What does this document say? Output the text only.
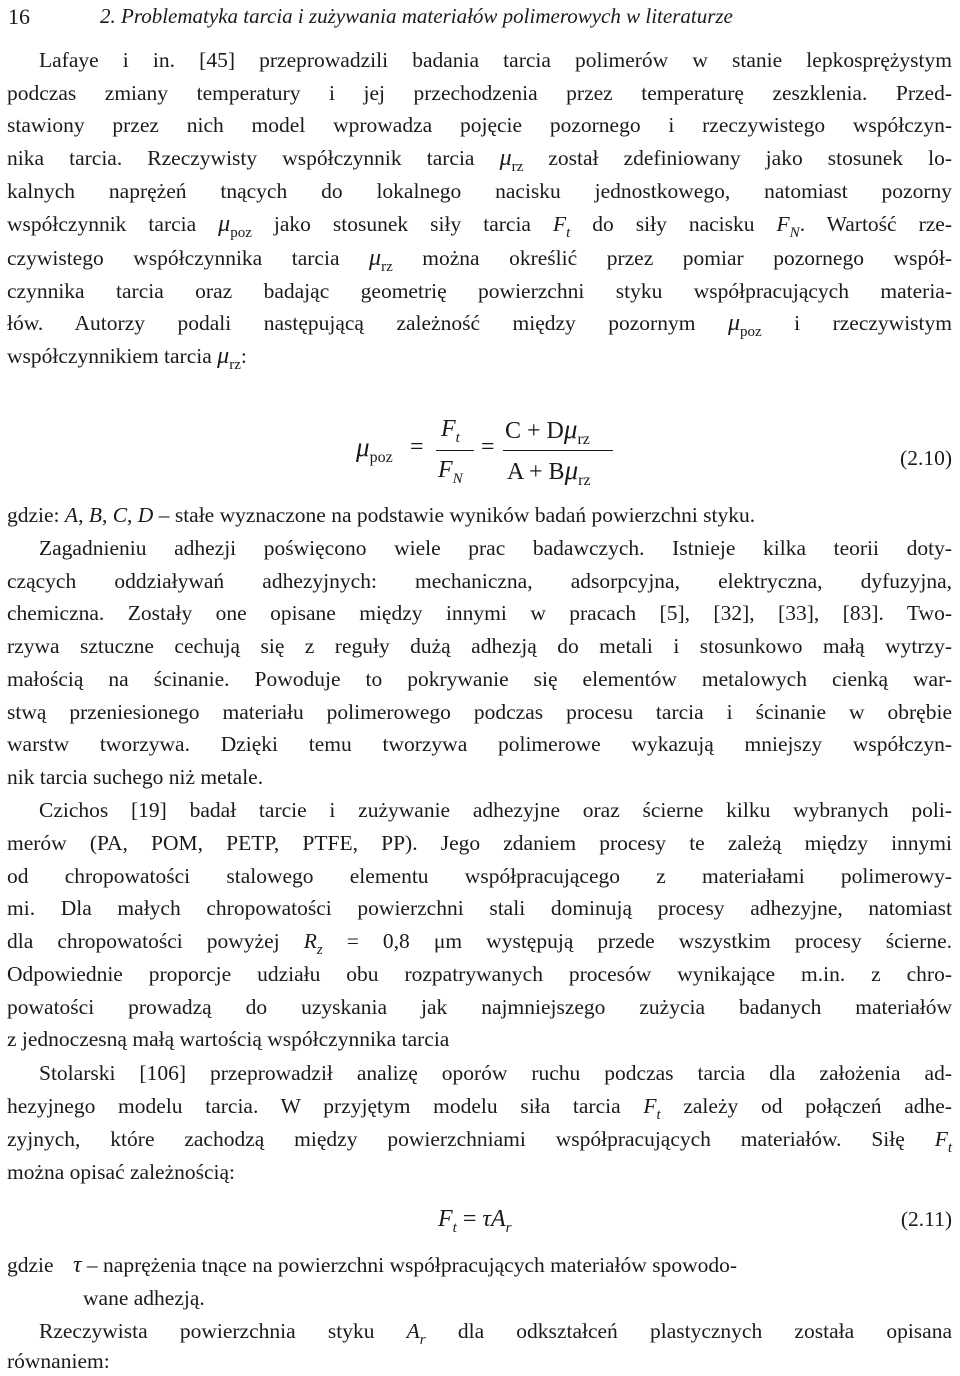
16	2. Problematyka tarcia i zużywania materiałów polimerowych w literaturze
Lafaye i in. [45] przeprowadzili badania tarcia polimerów w stanie lepkosprężystym
podczas zmiany temperatury i jej przechodzenia przez temperaturę zeszklenia. Przed-
stawiony przez nich model wprowadza pojęcie pozornego i rzeczywistego współczyn-
nika tarcia. Rzeczywisty współczynnik tarcia $\mu_{rz}$ został zdefiniowany jako stosunek lo-
kalnych naprężeń tnących do lokalnego nacisku jednostkowego, natomiast pozorny
współczynnik tarcia $\mu_{poz}$ jako stosunek siły tarcia $F_t$ do siły nacisku $F_N$. Wartość rze-
czywistego współczynnika tarcia $\mu_{rz}$ można określić przez pomiar pozornego współ-
czynnika tarcia oraz badając geometrię powierzchni styku współpracujących materia-
łów. Autorzy podali następującą zależność między pozornym $\mu_{poz}$ i rzeczywistym
współczynnikiem tarcia $\mu_{rz}$:
$\mu_{poz}$ =
$F_t$
$F_N$
=
$C + D\mu_{rz}$
$A + B\mu_{rz}$
(2.10)
gdzie: A, B, C, D – stałe wyznaczone na podstawie wyników badań powierzchni styku.
Zagadnieniu adhezji poświęcono wiele prac badawczych. Istnieje kilka teorii doty-
czących oddziaływań adhezyjnych: mechaniczna, adsorpcyjna, elektryczna, dyfuzyjna,
chemiczna. Zostały one opisane między innymi w pracach [5], [32], [33], [83]. Two-
rzywa sztuczne cechują się z reguły dużą adhezją do metali i stosunkowo małą wytrzy-
małością na ścinanie. Powoduje to pokrywanie się elementów metalowych cienką war-
stwą przeniesionego materiału polimerowego podczas procesu tarcia i ścinanie w obrębie
warstw tworzywa. Dzięki temu tworzywa polimerowe wykazują mniejszy współczyn-
nik tarcia suchego niż metale.
Czichos [19] badał tarcie i zużywanie adhezyjne oraz ścierne kilku wybranych poli-
merów (PA, POM, PETP, PTFE, PP). Jego zdaniem procesy te zależą między innymi
od chropowatości stalowego elementu współpracującego z materiałami polimerowy-
mi. Dla małych chropowatości powierzchni stali dominują procesy adhezyjne, natomiast
dla chropowatości powyżej $R_z = 0,8$ μm występują przede wszystkim procesy ścierne.
Odpowiednie proporcje udziału obu rozpatrywanych procesów wynikające m.in. z chro-
powatości prowadzą do uzyskania jak najmniejszego zużycia badanych materiałów
z jednoczesną małą wartością współczynnika tarcia
Stolarski [106] przeprowadził analizę oporów ruchu podczas tarcia dla założenia ad-
hezyjnego modelu tarcia. W przyjętym modelu siła tarcia $F_t$ zależy od połączeń adhe-
zyjnych, które zachodzą między powierzchniami współpracujących materiałów. Siłę $F_t$
można opisać zależnością:
$F_t = \tau A_r$	(2.11)
gdzie τ – naprężenia tnące na powierzchni współpracujących materiałów spowodo-
wane adhezją.
Rzeczywista powierzchnia styku $A_r$ dla odkształceń plastycznych została opisana
równaniem:
